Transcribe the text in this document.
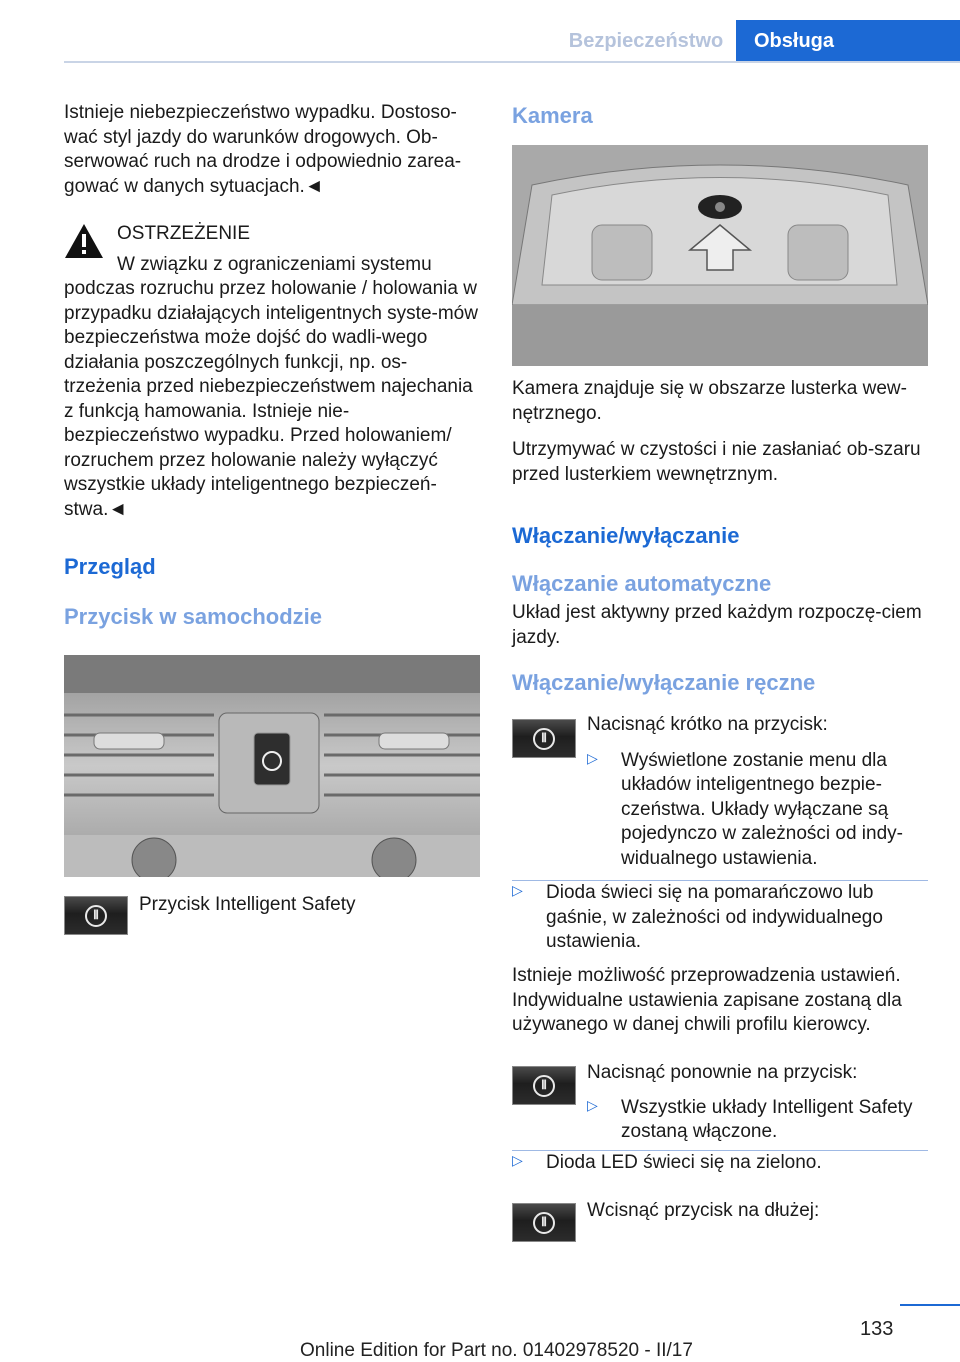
Bezpieczeństwo	Obsługa

Istnieje niebezpieczeństwo wypadku. Dostoso-wać styl jazdy do warunków drogowych. Ob-serwować ruch na drodze i odpowiednio zarea-gować w danych sytuacjach.◄

OSTRZEŻENIE

W związku z ograniczeniami systemu

podczas rozruchu przez holowanie / holowania w przypadku działających inteligentnych syste-mów bezpieczeństwa może dojść do wadli-wego działania poszczególnych funkcji, np. os-trzeżenia przed niebezpieczeństwem najechania z funkcją hamowania. Istnieje nie-bezpieczeństwo wypadku. Przed holowaniem/ rozruchem przez holowanie należy wyłączyć wszystkie układy inteligentnego bezpieczeń-stwa.◄

Przegląd
Przycisk w samochodzie
⦀	Przycisk Intelligent Safety

Kamera

Kamera znajduje się w obszarze lusterka wew-nętrznego.

Utrzymywać w czystości i nie zasłaniać ob-szaru przed lusterkiem wewnętrznym.

Włączanie/wyłączanie
Włączanie automatyczne

Układ jest aktywny przed każdym rozpoczę-ciem jazdy.

Włączanie/wyłączanie ręczne
⦀

Nacisnąć krótko na przycisk:

▷	Wyświetlone zostanie menu dla układów inteligentnego bezpie-czeństwa. Układy wyłączane są pojedynczo w zależności od indy-widualnego ustawienia.

▷	Dioda świeci się na pomarańczowo lub gaśnie, w zależności od indywidualnego ustawienia.

Istnieje możliwość przeprowadzenia ustawień. Indywidualne ustawienia zapisane zostaną dla używanego w danej chwili profilu kierowcy.

⦀

Nacisnąć ponownie na przycisk:

▷	Wszystkie układy Intelligent Safety zostaną włączone.

▷	Dioda LED świeci się na zielono.

⦀

Wcisnąć przycisk na dłużej:

133
Online Edition for Part no. 01402978520 - II/17
